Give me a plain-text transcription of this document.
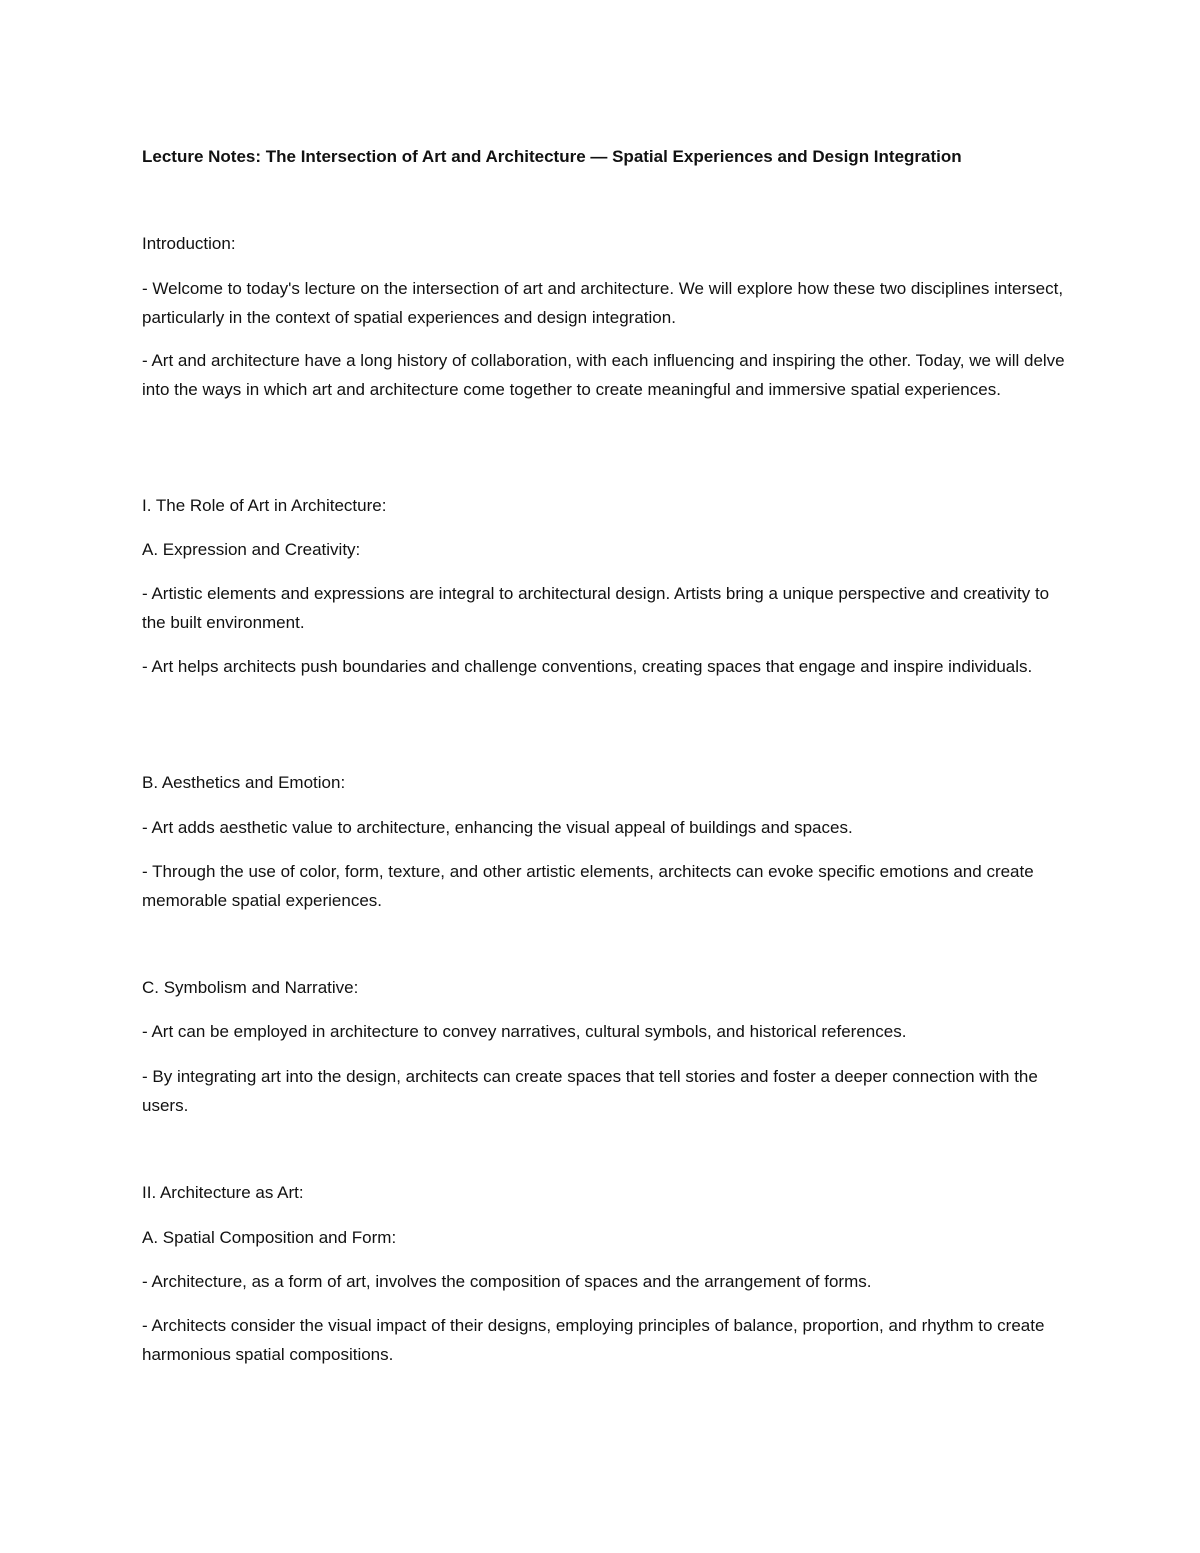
Lecture Notes: The Intersection of Art and Architecture — Spatial Experiences and Design Integration

Introduction:

- Welcome to today's lecture on the intersection of art and architecture. We will explore how these two disciplines intersect, particularly in the context of spatial experiences and design integration.

- Art and architecture have a long history of collaboration, with each influencing and inspiring the other. Today, we will delve into the ways in which art and architecture come together to create meaningful and immersive spatial experiences.

I. The Role of Art in Architecture:

A. Expression and Creativity:

- Artistic elements and expressions are integral to architectural design. Artists bring a unique perspective and creativity to the built environment.

- Art helps architects push boundaries and challenge conventions, creating spaces that engage and inspire individuals.

B. Aesthetics and Emotion:

- Art adds aesthetic value to architecture, enhancing the visual appeal of buildings and spaces.

- Through the use of color, form, texture, and other artistic elements, architects can evoke specific emotions and create memorable spatial experiences.

C. Symbolism and Narrative:

- Art can be employed in architecture to convey narratives, cultural symbols, and historical references.

- By integrating art into the design, architects can create spaces that tell stories and foster a deeper connection with the users.

II. Architecture as Art:

A. Spatial Composition and Form:

- Architecture, as a form of art, involves the composition of spaces and the arrangement of forms.

- Architects consider the visual impact of their designs, employing principles of balance, proportion, and rhythm to create harmonious spatial compositions.
